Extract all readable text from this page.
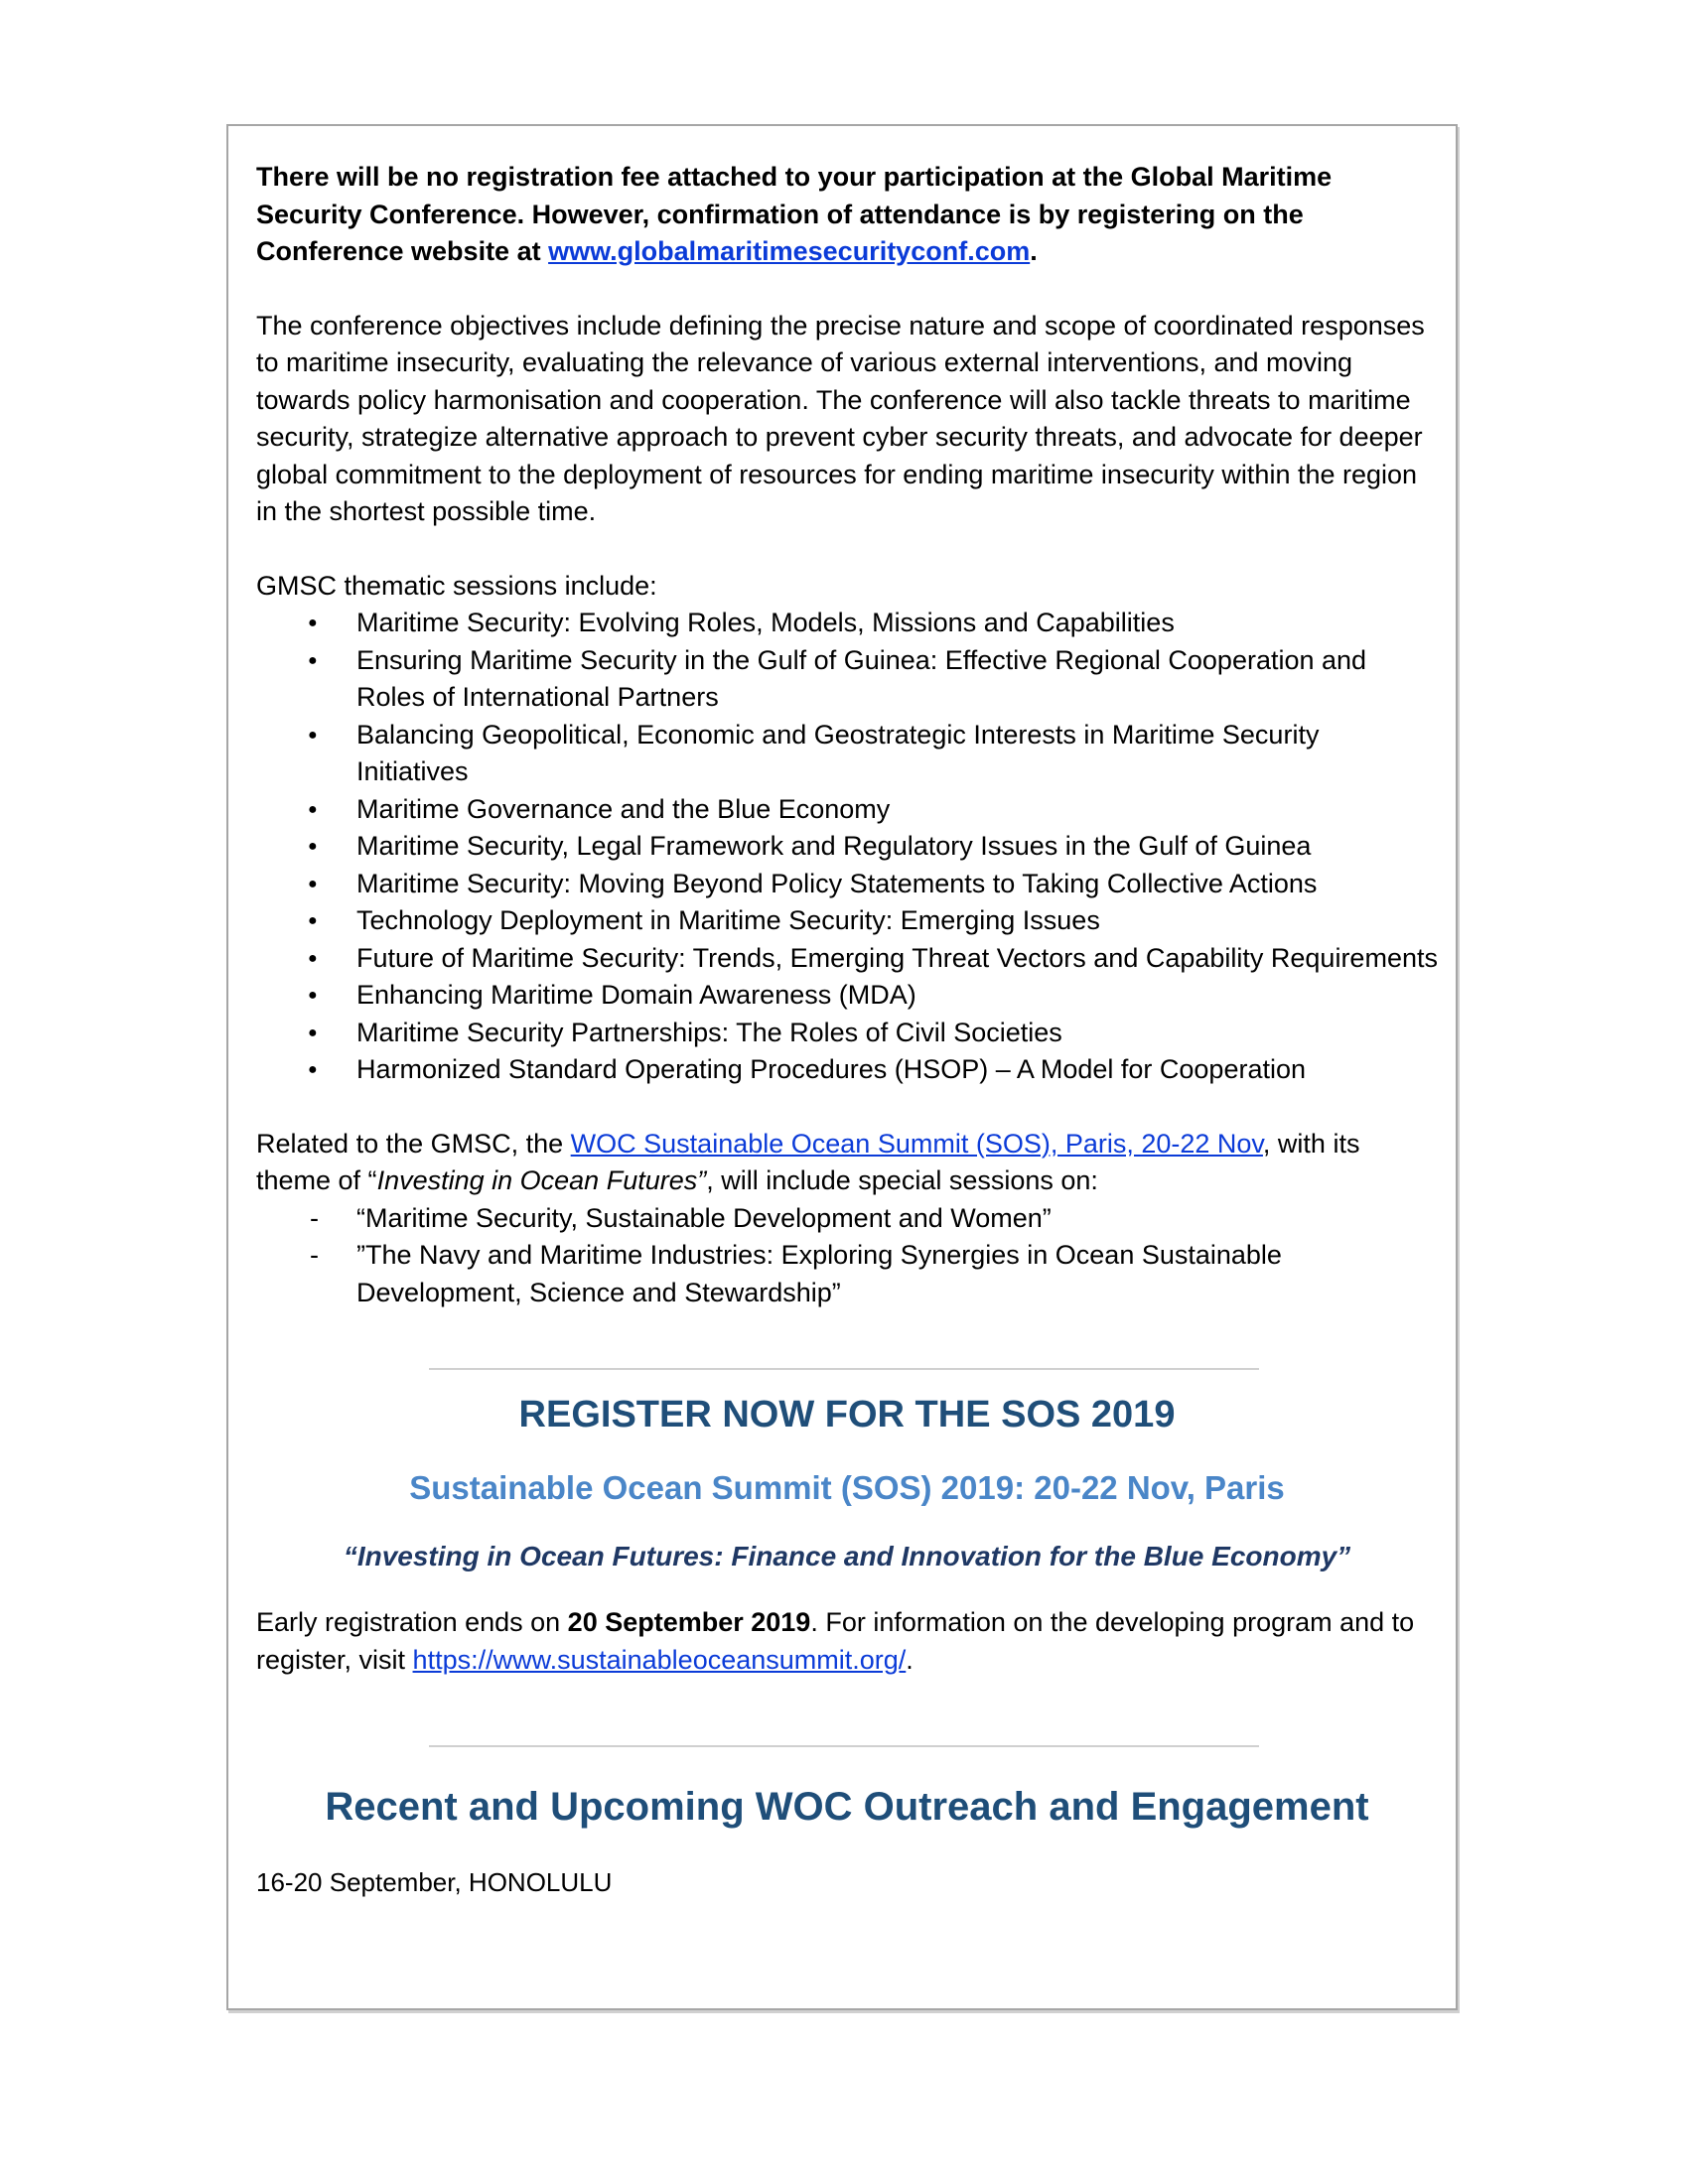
There will be no registration fee attached to your participation at the Global Maritime Security Conference. However, confirmation of attendance is by registering on the Conference website at www.globalmaritimesecurityconf.com.

The conference objectives include defining the precise nature and scope of coordinated responses to maritime insecurity, evaluating the relevance of various external interventions, and moving towards policy harmonisation and cooperation. The conference will also tackle threats to maritime security, strategize alternative approach to prevent cyber security threats, and advocate for deeper global commitment to the deployment of resources for ending maritime insecurity within the region in the shortest possible time.

GMSC thematic sessions include:

● Maritime Security: Evolving Roles, Models, Missions and Capabilities
● Ensuring Maritime Security in the Gulf of Guinea: Effective Regional Cooperation and Roles of International Partners
● Balancing Geopolitical, Economic and Geostrategic Interests in Maritime Security Initiatives
● Maritime Governance and the Blue Economy
● Maritime Security, Legal Framework and Regulatory Issues in the Gulf of Guinea
● Maritime Security: Moving Beyond Policy Statements to Taking Collective Actions
● Technology Deployment in Maritime Security: Emerging Issues
● Future of Maritime Security: Trends, Emerging Threat Vectors and Capability Requirements
● Enhancing Maritime Domain Awareness (MDA)
● Maritime Security Partnerships: The Roles of Civil Societies
● Harmonized Standard Operating Procedures (HSOP) – A Model for Cooperation

Related to the GMSC, the WOC Sustainable Ocean Summit (SOS), Paris, 20-22 Nov, with its theme of “Investing in Ocean Futures”, will include special sessions on:

- “Maritime Security, Sustainable Development and Women”
- ”The Navy and Maritime Industries: Exploring Synergies in Ocean Sustainable Development, Science and Stewardship”

REGISTER NOW FOR THE SOS 2019

Sustainable Ocean Summit (SOS) 2019: 20-22 Nov, Paris

“Investing in Ocean Futures: Finance and Innovation for the Blue Economy”

Early registration ends on 20 September 2019. For information on the developing program and to register, visit https://www.sustainableoceansummit.org/.

Recent and Upcoming WOC Outreach and Engagement

16-20 September, HONOLULU
